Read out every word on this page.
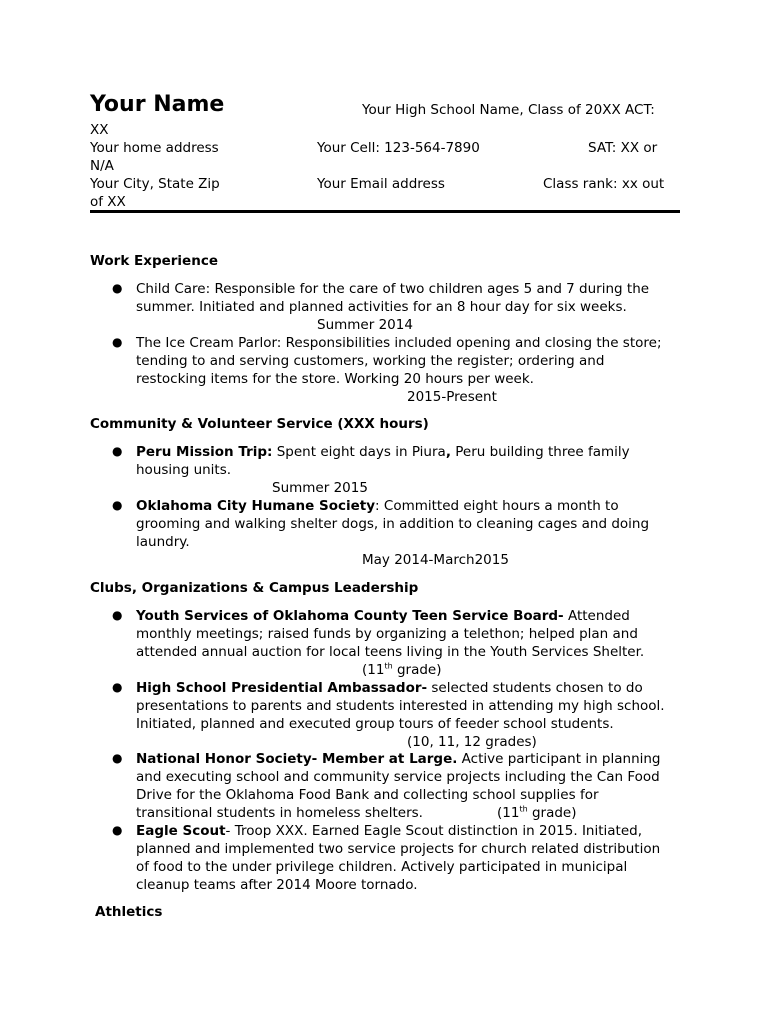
Your Name	Your High School Name, Class of 20XX ACT:
XX
Your home address	Your Cell: 123-564-7890	SAT: XX or
N/A
Your City, State Zip	Your Email address	Class rank: xx out
of XX
Work Experience
● Child Care: Responsible for the care of two children ages 5 and 7 during the
summer. Initiated and planned activities for an 8 hour day for six weeks.
Summer 2014
● The Ice Cream Parlor: Responsibilities included opening and closing the store;
tending to and serving customers, working the register; ordering and
restocking items for the store. Working 20 hours per week.
2015-Present
Community & Volunteer Service (XXX hours)
● Peru Mission Trip: Spent eight days in Piura, Peru building three family
housing units.
Summer 2015
● Oklahoma City Humane Society: Committed eight hours a month to
grooming and walking shelter dogs, in addition to cleaning cages and doing
laundry.
May 2014-March2015
Clubs, Organizations & Campus Leadership
● Youth Services of Oklahoma County Teen Service Board- Attended
monthly meetings; raised funds by organizing a telethon; helped plan and
attended annual auction for local teens living in the Youth Services Shelter.
(11th grade)
● High School Presidential Ambassador- selected students chosen to do
presentations to parents and students interested in attending my high school.
Initiated, planned and executed group tours of feeder school students.
(10, 11, 12 grades)
● National Honor Society- Member at Large. Active participant in planning
and executing school and community service projects including the Can Food
Drive for the Oklahoma Food Bank and collecting school supplies for
transitional students in homeless shelters.	(11th grade)
● Eagle Scout- Troop XXX. Earned Eagle Scout distinction in 2015. Initiated,
planned and implemented two service projects for church related distribution
of food to the under privilege children. Actively participated in municipal
cleanup teams after 2014 Moore tornado.
Athletics
